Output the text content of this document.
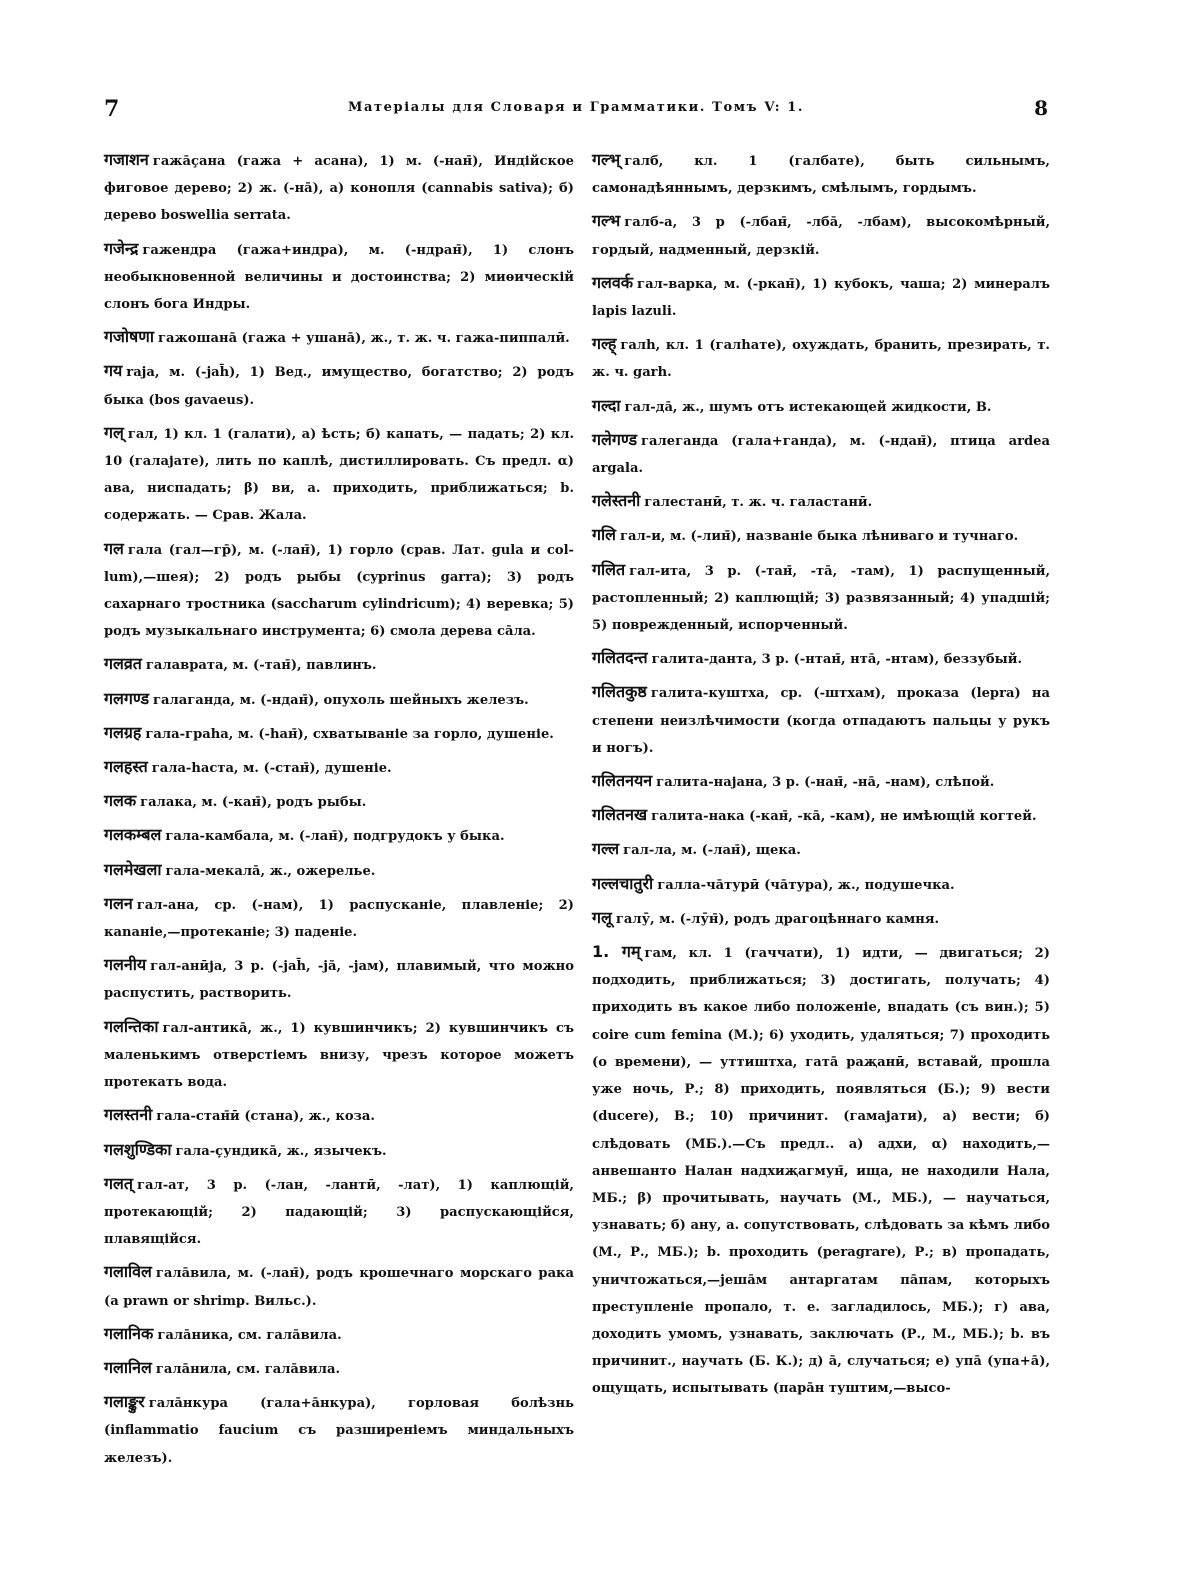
7	Матеріалы для Словаря и Грамматики. Томъ V: 1.	8
गजाशन гажа̄çана (гажа + асана), 1) м. (-нан̄), Индійское фиговое дерево; 2) ж. (-на̄), а) конопля (cannabis sativa); б) дерево boswellia serrata.
गजेन्द्र гажендра (гажа+индра), м. (-ндран̄), 1) слонъ необыкновенной величины и достоинства; 2) миѳическій слонъ бога Индры.
गजोषणा гажошана̄ (гажа + ушана̄), ж., т. ж. ч. гажа-пиппалӣ.
गय raja, м. (-jah̄), 1) Вед., имущество, богатство; 2) родъ быка (bos gavaeus).
गल् гал, 1) кл. 1 (галати), а) ѣсть; б) капать, — падать; 2) кл. 10 (галајате), лить по каплѣ, дистиллировать. Съ предл. α) ава, ниспадать; β) ви, а. приходить, приближаться; b. содержать. — Срав. Жала.
गल гала (гал—гр̄), м. (-лан̄), 1) горло (срав. Лат. gula и col-lum),—шея); 2) родъ рыбы (cyprinus garra); 3) родъ сахарнаго тростника (saccharum cylindricum); 4) веревка; 5) родъ музыкальнаго инструмента; 6) смола дерева са̄ла.
गलव्रत галаврата, м. (-тан̄), павлинъ.
गलगण्ड галаганда, м. (-ндан̄), опухоль шейныхъ железъ.
गलग्रह гала-граhа, м. (-hан̄), схватываніе за горло, душеніе.
गलहस्त гала-hаста, м. (-стан̄), душеніе.
गलक галака, м. (-кан̄), родъ рыбы.
गलकम्बल гала-камбала, м. (-лан̄), подгрудокъ у быка.
गलमेखला гала-мекала̄, ж., ожерелье.
गलन гал-ана, ср. (-нам), 1) распусканіе, плавленіе; 2) каnаніе,—протеканіе; 3) паденіе.
गलनीय гал-анӣја, 3 р. (-jah̄, -jа̄, -jам), плавимый, что можно распустить, растворить.
गलन्तिका гал-антика̄, ж., 1) кувшинчикъ; 2) кувшинчикъ съ маленькимъ отверстіемъ внизу, чрезъ которое можетъ протекать вода.
गलस्तनी гала-стан̄ӣ (стана), ж., коза.
गलशुण्डिका гала-çундика̄, ж., язычекъ.
गलत् гал-ат, 3 р. (-лан, -лантӣ, -лат), 1) каплющій, протекающій; 2) падающій; 3) распускающійся, плавящійся.
गलाविल гала̄вила, м. (-лан̄), родъ крошечнаго морскаго рака (a prawn or shrimp. Вильс.).
गलानिक гала̄ника, см. гала̄вила.
गलानिल гала̄нила, см. гала̄вила.
गलाङ्कुर гала̄нкура (гала+а̄нкура), горловая болѣзнь (inflammatio faucium съ разширеніемъ миндальныхъ железъ).
गल्भ् галб, кл. 1 (галбате), быть сильнымъ, самонадѣяннымъ, дерзкимъ, смѣлымъ, гордымъ.
गल्भ галб-а, 3 р (-лбан̄, -лба̄, -лбам), высокомѣрный, гордый, надменный, дерзкій.
गलवर्क гал-варка, м. (-ркан̄), 1) кубокъ, чаша; 2) минералъ lapis lazuli.
गल्ह् галh, кл. 1 (галhате), охуждать, бранить, презирать, т. ж. ч. garh.
गल्दा гал-да̄, ж., шумъ отъ истекающей жидкости, В.
गलेगण्ड галеганда (гала+ганда), м. (-ндан̄), птица ardea argala.
गलेस्तनी галестанӣ, т. ж. ч. галастанӣ.
गलि гал-и, м. (-лин̄), названіе быка лѣниваго и тучнаго.
गलित гал-ита, 3 р. (-тан̄, -та̄, -там), 1) распущенный, растопленный; 2) каплющій; 3) развязанный; 4) упадшій; 5) поврежденный, испорченный.
गलितदन्त галита-данта, 3 р. (-нтан̄, нта̄, -нтам), беззубый.
गलितकुष्ठ галита-куштха, ср. (-штхам), проказа (lepra) на степени неизлѣчимости (когда отпадаютъ пальцы у рукъ и ногъ).
गलितनयन галита-најана, 3 р. (-нан̄, -на̄, -нам), слѣпой.
गलितनख галита-нака (-кан̄, -ка̄, -кам), не имѣющій когтей.
गल्ल гал-ла, м. (-лан̄), щека.
गल्लचातुरी галла-ча̄турӣ (ча̄тура), ж., подушечка.
गलू галӯ, м. (-лӯн̄), родъ драгоцѣннаго камня.
1. गम् гам, кл. 1 (гаччати), 1) идти, — двигаться; 2) подходить, приближаться; 3) достигать, получать; 4) приходить въ какое либо положеніе, впадать (съ вин.); 5) coire cum femina (М.); 6) уходить, удаляться; 7) проходить (о времени), — уттиштха, гата̄ раҗанӣ, вставай, прошла уже ночь, Р.; 8) приходить, появляться (Б.); 9) вести (ducere), В.; 10) причинит. (гамајати), а) вести; б) слѣдовать (МБ.).—Съ предл.. а) адхи, α) находить,—анвешанто Налан надхиҗагмун̄, ища, не находили Нала, МБ.; β) прочитывать, научать (М., МБ.), — научаться, узнавать; б) ану, а. сопутствовать, слѣдовать за кѣмъ либо (М., Р., МБ.); b. проходить (peragrare), Р.; в) пропадать, уничтожаться,—jеша̄м антаргатам па̄пам, которыхъ преступленіе пропало, т. е. загладилось, МБ.); г) ава, доходить умомъ, узнавать, заключать (Р., М., МБ.); b. въ причинит., научать (Б. К.); д) а̄, случаться; е) упа̄ (упа+а̄), ощущать, испытывать (пара̄н туштим,—высо-
